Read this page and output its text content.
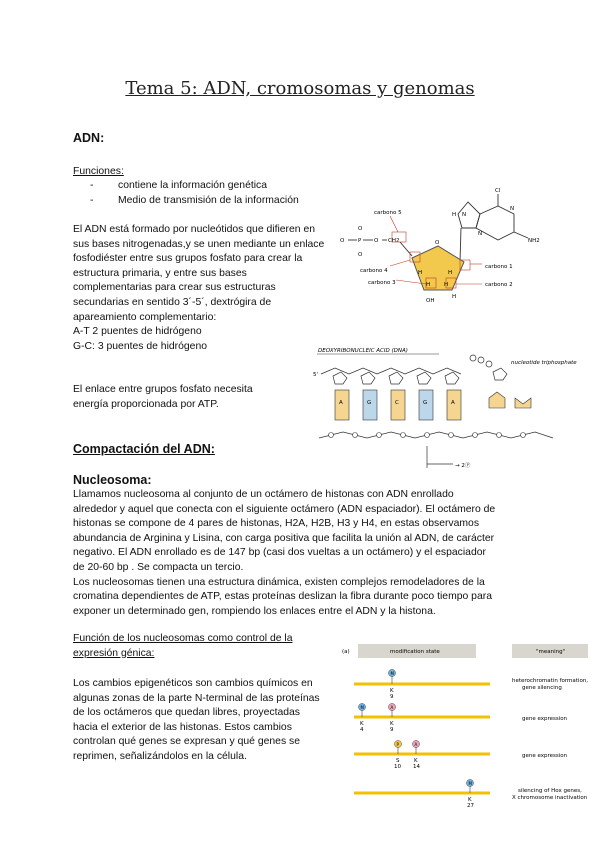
Tema 5: ADN, cromosomas y genomas
ADN:
Funciones:
- contiene la información genética
- Medio de transmisión de la información
El ADN está formado por nucleótidos que difieren en
sus bases nitrogenadas,y se unen mediante un enlace
fosfodiéster entre sus grupos fosfato para crear la
estructura primaria, y entre sus bases
complementarias para crear sus estructuras
secundarias en sentido 3´-5´, dextrógira de
apareamiento complementario:
A-T 2 puentes de hidrógeno
G-C: 3 puentes de hidrógeno
El enlace entre grupos fosfato necesita
energía proporcionada por ATP.
Cl
N
N
H
N
NH2
O
O
P
O
O CH2	O
OH
H	H
H	H
H
carbono 5
carbono 4
carbono 1
carbono 3	carbono 2
DEOXYRIBONUCLEIC ACID (DNA)
nucleotide triphosphate
5'
A	G	C	G	A
→ 2Ⓟ
Compactación del ADN:
Nucleosoma:
Llamamos nucleosoma al conjunto de un octámero de histonas con ADN enrollado
alrededor y aquel que conecta con el siguiente octámero (ADN espaciador). El octámero de
histonas se compone de 4 pares de histonas, H2A, H2B, H3 y H4, en estas observamos
abundancia de Arginina y Lisina, con carga positiva que facilita la unión al ADN, de carácter
negativo. El ADN enrollado es de 147 bp (casi dos vueltas a un octámero) y el espaciador
de 20-60 bp . Se compacta un tercio.
Los nucleosomas tienen una estructura dinámica, existen complejos remodeladores de la
cromatina dependientes de ATP, estas proteínas deslizan la fibra durante poco tiempo para
exponer un determinado gen, rompiendo los enlaces entre el ADN y la histona.
Función de los nucleosomas como control de la
expresión génica:
Los cambios epigenéticos son cambios químicos en
algunas zonas de la parte N-terminal de las proteínas
de los octámeros que quedan libres, proyectadas
hacia el exterior de las histonas. Estos cambios
controlan qué genes se expresan y qué genes se
reprimen, señalizándolos en la célula.
(a)	modification state	"meaning"
M
K
9
heterochromatin formation,
gene silencing
M	A
K
4
K
9
gene expression
P	A
S
10
K
14
gene expression
M
K
27
silencing of Hox genes,
X chromosome inactivation
